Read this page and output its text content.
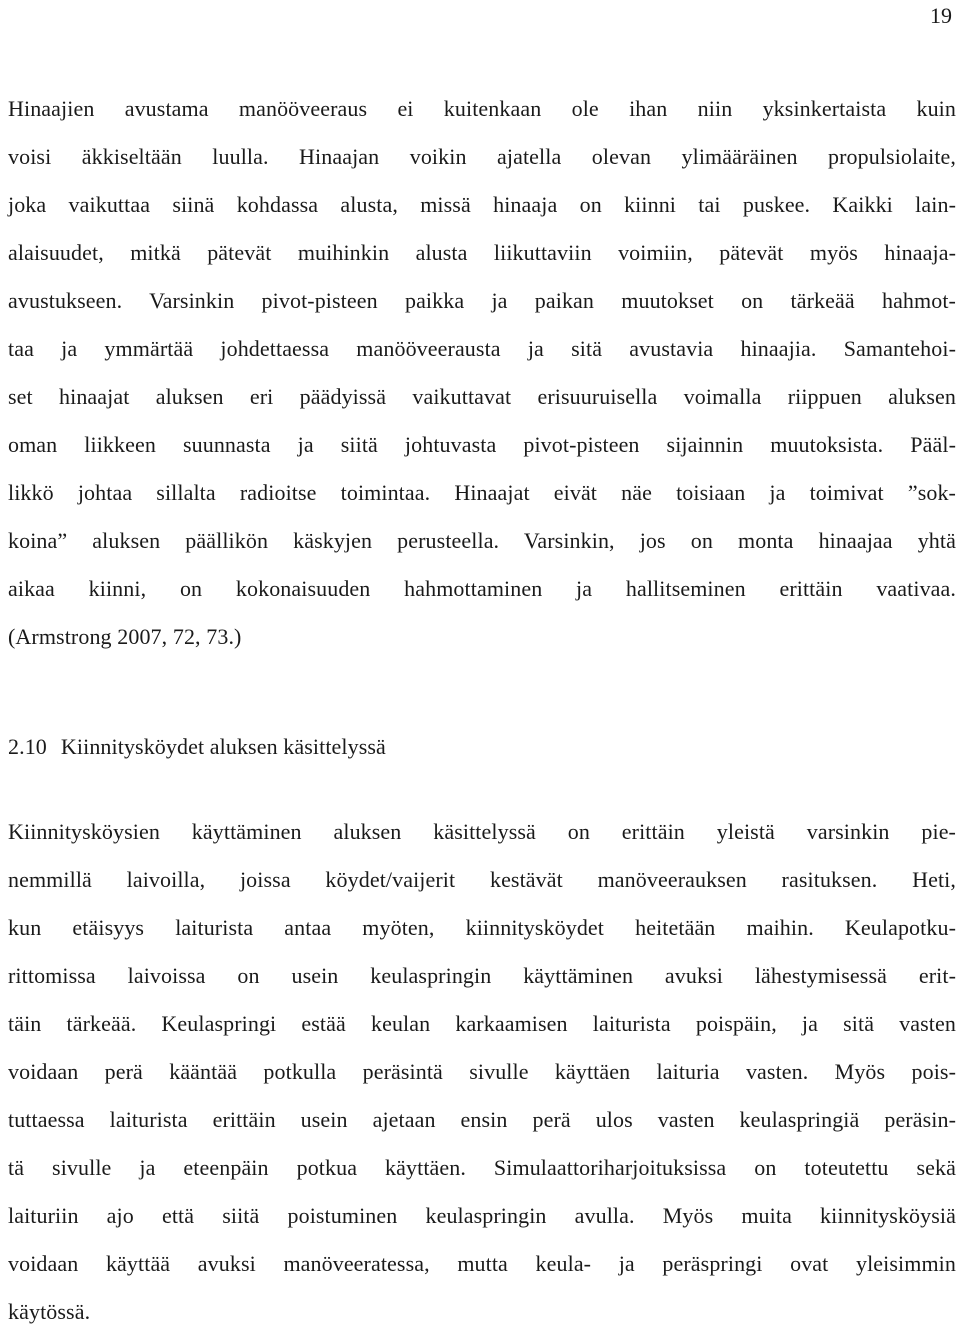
19
Hinaajien avustama manööveeraus ei kuitenkaan ole ihan niin yksinkertaista kuin
voisi äkkiseltään luulla. Hinaajan voikin ajatella olevan ylimääräinen propulsiolaite,
joka vaikuttaa siinä kohdassa alusta, missä hinaaja on kiinni tai puskee. Kaikki lain-
alaisuudet, mitkä pätevät muihinkin alusta liikuttaviin voimiin, pätevät myös hinaaja-
avustukseen. Varsinkin pivot-pisteen paikka ja paikan muutokset on tärkeää hahmot-
taa ja ymmärtää johdettaessa manööveerausta ja sitä avustavia hinaajia. Samantehoi-
set hinaajat aluksen eri päädyissä vaikuttavat erisuuruisella voimalla riippuen aluksen
oman liikkeen suunnasta ja siitä johtuvasta pivot-pisteen sijainnin muutoksista. Pääl-
likkö johtaa sillalta radioitse toimintaa. Hinaajat eivät näe toisiaan ja toimivat ”sok-
koina” aluksen päällikön käskyjen perusteella. Varsinkin, jos on monta hinaajaa yhtä
aikaa kiinni, on kokonaisuuden hahmottaminen ja hallitseminen erittäin vaativaa.
(Armstrong 2007, 72, 73.)
2.10 Kiinnitysköydet aluksen käsittelyssä
Kiinnitysköysien käyttäminen aluksen käsittelyssä on erittäin yleistä varsinkin pie-
nemmillä laivoilla, joissa köydet/vaijerit kestävät manöveerauksen rasituksen. Heti,
kun etäisyys laiturista antaa myöten, kiinnitysköydet heitetään maihin. Keulapotku-
rittomissa laivoissa on usein keulaspringin käyttäminen avuksi lähestymisessä erit-
täin tärkeää. Keulaspringi estää keulan karkaamisen laiturista poispäin, ja sitä vasten
voidaan perä kääntää potkulla peräsintä sivulle käyttäen laituria vasten. Myös pois-
tuttaessa laiturista erittäin usein ajetaan ensin perä ulos vasten keulaspringiä peräsin-
tä sivulle ja eteenpäin potkua käyttäen. Simulaattoriharjoituksissa on toteutettu sekä
laituriin ajo että siitä poistuminen keulaspringin avulla. Myös muita kiinnitysköysiä
voidaan käyttää avuksi manöveeratessa, mutta keula- ja peräspringi ovat yleisimmin
käytössä.
